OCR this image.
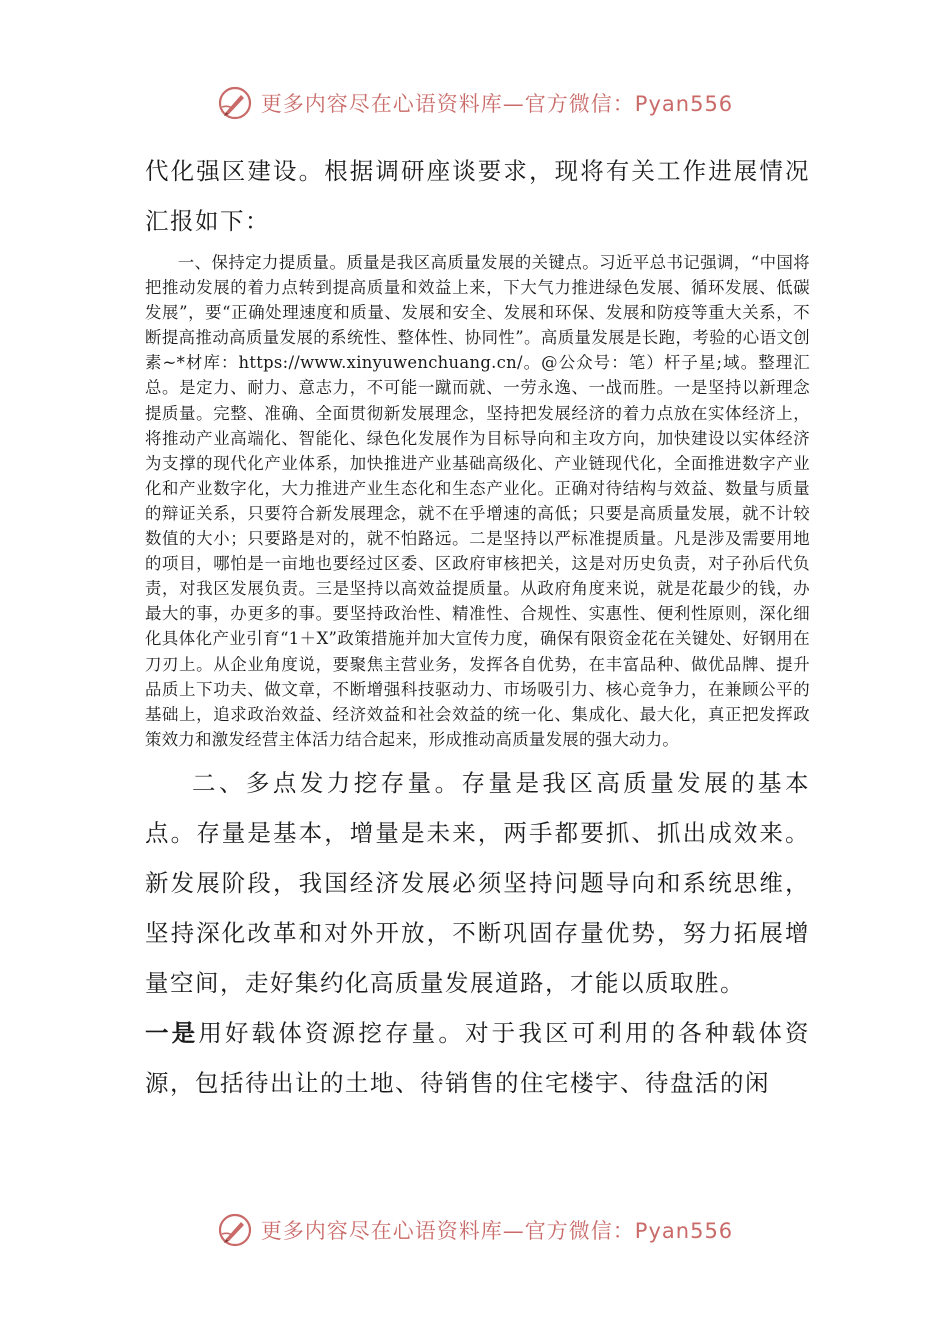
更多内容尽在心语资料库—官方微信：Pyan556

代化强区建设。根据调研座谈要求，现将有关工作进展情况汇报如下：

一、保持定力提质量。质量是我区高质量发展的关键点。习近平总书记强调，“中国将把推动发展的着力点转到提高质量和效益上来，下大气力推进绿色发展、循环发展、低碳发展”，要“正确处理速度和质量、发展和安全、发展和环保、发展和防疫等重大关系，不断提高推动高质量发展的系统性、整体性、协同性”。高质量发展是长跑，考验的心语文创素~*材库：https://www.xinyuwenchuang.cn/。@公众号：笔）杆子星;域。整理汇总。是定力、耐力、意志力，不可能一蹴而就、一劳永逸、一战而胜。一是坚持以新理念提质量。完整、准确、全面贯彻新发展理念，坚持把发展经济的着力点放在实体经济上，将推动产业高端化、智能化、绿色化发展作为目标导向和主攻方向，加快建设以实体经济为支撑的现代化产业体系，加快推进产业基础高级化、产业链现代化，全面推进数字产业化和产业数字化，大力推进产业生态化和生态产业化。正确对待结构与效益、数量与质量的辩证关系，只要符合新发展理念，就不在乎增速的高低；只要是高质量发展，就不计较数值的大小；只要路是对的，就不怕路远。二是坚持以严标准提质量。凡是涉及需要用地的项目，哪怕是一亩地也要经过区委、区政府审核把关，这是对历史负责，对子孙后代负责，对我区发展负责。三是坚持以高效益提质量。从政府角度来说，就是花最少的钱，办最大的事，办更多的事。要坚持政治性、精准性、合规性、实惠性、便利性原则，深化细化具体化产业引育“1＋X”政策措施并加大宣传力度，确保有限资金花在关键处、好钢用在刀刃上。从企业角度说，要聚焦主营业务，发挥各自优势，在丰富品种、做优品牌、提升品质上下功夫、做文章，不断增强科技驱动力、市场吸引力、核心竞争力，在兼顾公平的基础上，追求政治效益、经济效益和社会效益的统一化、集成化、最大化，真正把发挥政策效力和激发经营主体活力结合起来，形成推动高质量发展的强大动力。

二、多点发力挖存量。存量是我区高质量发展的基本点。存量是基本，增量是未来，两手都要抓、抓出成效来。新发展阶段，我国经济发展必须坚持问题导向和系统思维，坚持深化改革和对外开放，不断巩固存量优势，努力拓展增量空间，走好集约化高质量发展道路，才能以质取胜。

一是用好载体资源挖存量。对于我区可利用的各种载体资源，包括待出让的土地、待销售的住宅楼宇、待盘活的闲

更多内容尽在心语资料库—官方微信：Pyan556
